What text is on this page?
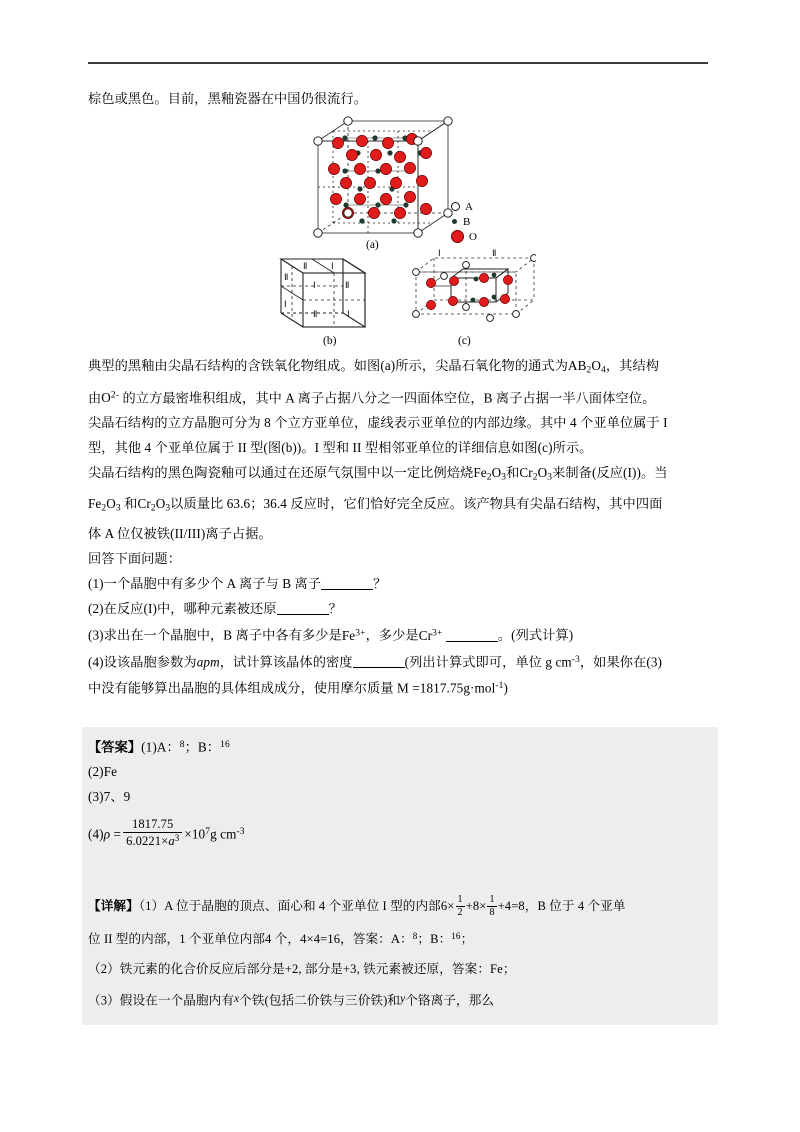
棕色或黑色。目前，黑釉瓷器在中国仍很流行。

A
B
O
(a)
Ⅰ	Ⅱ
Ⅱ	Ⅰ
Ⅱ
Ⅰ
Ⅱ	Ⅰ
(b)
Ⅰ	Ⅱ
(c)

典型的黑釉由尖晶石结构的含铁氧化物组成。如图(a)所示，尖晶石氧化物的通式为$AB_2O_4$，其结构

由$O^{2-}$ 的立方最密堆积组成，其中 A 离子占据八分之一四面体空位，B 离子占据一半八面体空位。

尖晶石结构的立方晶胞可分为 8 个立方亚单位，虚线表示亚单位的内部边缘。其中 4 个亚单位属于 I

型，其他 4 个亚单位属于 II 型(图(b))。I 型和 II 型相邻亚单位的详细信息如图(c)所示。

尖晶石结构的黑色陶瓷釉可以通过在还原气氛围中以一定比例焙烧$Fe_2O_3$和$Cr_2O_3$来制备(反应(I))。当

$Fe_2O_3$ 和$Cr_2O_3$以质量比 63.6；36.4 反应时，它们恰好完全反应。该产物具有尖晶石结构，其中四面

体 A 位仅被铁(II/III)离子占据。

回答下面问题：

(1)一个晶胞中有多少个 A 离子与 B 离子	？

(2)在反应(I)中，哪种元素被还原	？

(3)求出在一个晶胞中，B 离子中各有多少是$Fe^{3+}$，多少是$Cr^{3+}$	。(列式计算)

(4)设该晶胞参数为apm，试计算该晶体的密度	(列出计算式即可，单位 g $cm^{-3}$，如果你在(3)

中没有能够算出晶胞的具体组成成分，使用摩尔质量 M =1817.75g·mol$^{-1}$)

【答案】(1)A：$^8$；B：$^{16}$

(2)Fe

(3)7、9

$(4)\rho = \frac{1817.75}{6.0221\times a^3} \times 10^7g$ $cm^{-3}$

【详解】（1）A 位于晶胞的顶点、面心和 4 个亚单位 I 型的内部$6\times \frac{1}{2} +8\times \frac{1}{8} +4=8$，B 位于 4 个亚单

位 II 型的内部，1 个亚单位内部4 个，4×4=16，答案：A：$^8$；B：$^{16}$；

（2）铁元素的化合价反应后部分是+2, 部分是+3, 铁元素被还原，答案：Fe；

（3）假设在一个晶胞内有x个铁(包括二价铁与三价铁)和y个铬离子，那么
